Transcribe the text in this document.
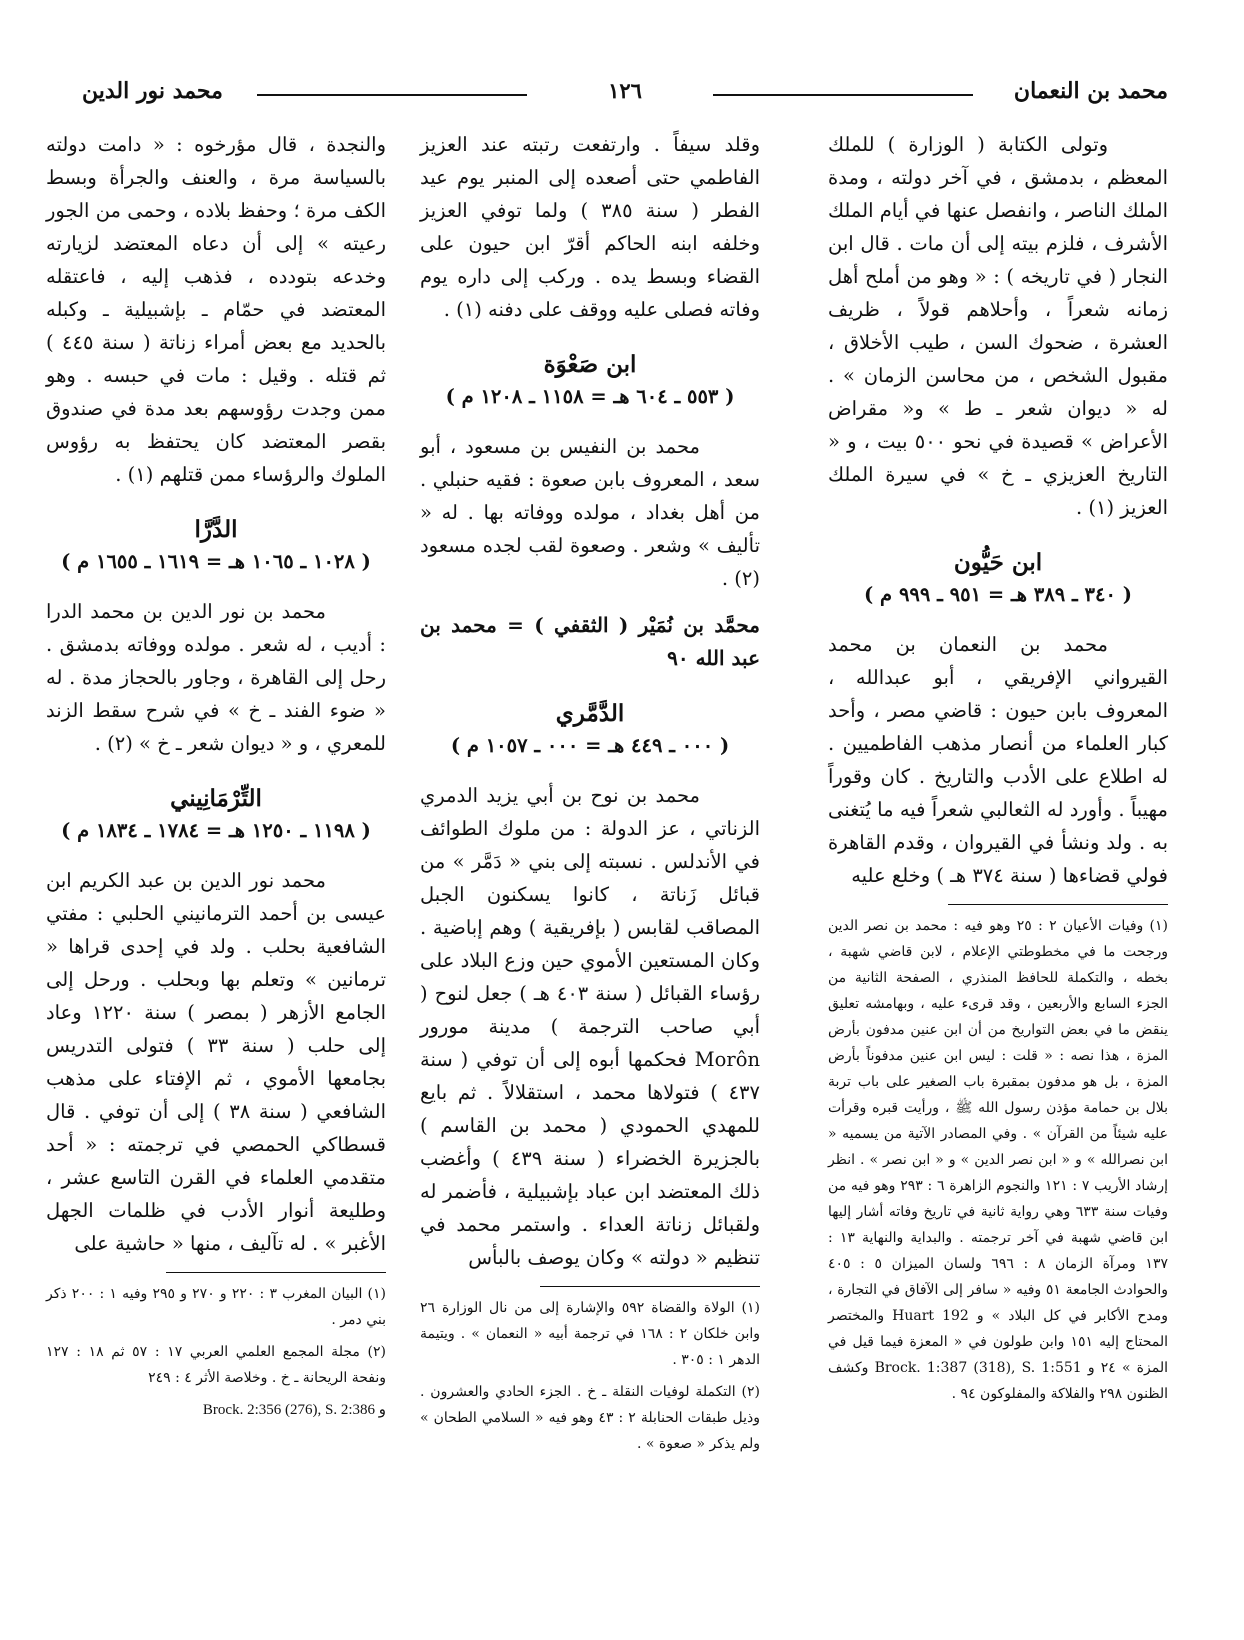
محمد بن النعمان
١٢٦
محمد نور الدين

وتولى الكتابة ( الوزارة ) للملك المعظم ، بدمشق ، في آخر دولته ، ومدة الملك الناصر ، وانفصل عنها في أيام الملك الأشرف ، فلزم بيته إلى أن مات . قال ابن النجار ( في تاريخه ) : « وهو من أملح أهل زمانه شعراً ، وأحلاهم قولاً ، ظريف العشرة ، ضحوك السن ، طيب الأخلاق ، مقبول الشخص ، من محاسن الزمان » . له « ديوان شعر ـ ط » و« مقراض الأعراض » قصيدة في نحو ٥٠٠ بيت ، و « التاريخ العزيزي ـ خ » في سيرة الملك العزيز (١) .

ابن حَيُّون
( ٣٤٠ ـ ٣٨٩ هـ = ٩٥١ ـ ٩٩٩ م )

محمد بن النعمان بن محمد القيرواني الإفريقي ، أبو عبدالله ، المعروف بابن حيون : قاضي مصر ، وأحد كبار العلماء من أنصار مذهب الفاطميين . له اطلاع على الأدب والتاريخ . كان وقوراً مهيباً . وأورد له الثعالبي شعراً فيه ما يُتغنى به . ولد ونشأ في القيروان ، وقدم القاهرة فولي قضاءها ( سنة ٣٧٤ هـ ) وخلع عليه

(١) وفيات الأعيان ٢ : ٢٥ وهو فيه : محمد بن نصر الدين ورجحت ما في مخطوطتي الإعلام ، لابن قاضي شهبة ، بخطه ، والتكملة للحافظ المنذري ، الصفحة الثانية من الجزء السابع والأربعين ، وقد قرىء عليه ، وبهامشه تعليق ينقض ما في بعض التواريخ من أن ابن عنين مدفون بأرض المزة ، هذا نصه : « قلت : ليس ابن عنين مدفوناً بأرض المزة ، بل هو مدفون بمقبرة باب الصغير على باب تربة بلال بن حمامة مؤذن رسول الله ﷺ ، ورأيت قبره وقرأت عليه شيئاً من القرآن » . وفي المصادر الآتية من يسميه « ابن نصرالله » و « ابن نصر الدين » و « ابن نصر » . انظر إرشاد الأريب ٧ : ١٢١ والنجوم الزاهرة ٦ : ٢٩٣ وهو فيه من وفيات سنة ٦٣٣ وهي رواية ثانية في تاريخ وفاته أشار إليها ابن قاضي شهبة في آخر ترجمته . والبداية والنهاية ١٣ : ١٣٧ ومرآة الزمان ٨ : ٦٩٦ ولسان الميزان ٥ : ٤٠٥ والحوادث الجامعة ٥١ وفيه « سافر إلى الآفاق في التجارة ، ومدح الأكابر في كل البلاد » و Huart 192 والمختصر المحتاج إليه ١٥١ وابن طولون في « المعزة فيما قيل في المزة » ٢٤ و Brock. 1:387 (318), S. 1:551 وكشف الظنون ٢٩٨ والفلاكة والمفلوكون ٩٤ .

وقلد سيفاً . وارتفعت رتبته عند العزيز الفاطمي حتى أصعده إلى المنبر يوم عيد الفطر ( سنة ٣٨٥ ) ولما توفي العزيز وخلفه ابنه الحاكم أقرّ ابن حيون على القضاء وبسط يده . وركب إلى داره يوم وفاته فصلى عليه ووقف على دفنه (١) .

ابن صَعْوَة
( ٥٥٣ ـ ٦٠٤ هـ = ١١٥٨ ـ ١٢٠٨ م )

محمد بن النفيس بن مسعود ، أبو سعد ، المعروف بابن صعوة : فقيه حنبلي . من أهل بغداد ، مولده ووفاته بها . له « تأليف » وشعر . وصعوة لقب لجده مسعود (٢) .

محمَّد بن نُمَيْر ( الثقفي ) = محمد بن عبد الله ٩٠
الدَّمَّري
( ٠٠٠ ـ ٤٤٩ هـ = ٠٠٠ ـ ١٠٥٧ م )

محمد بن نوح بن أبي يزيد الدمري الزناتي ، عز الدولة : من ملوك الطوائف في الأندلس . نسبته إلى بني « دَمَّر » من قبائل زَناتة ، كانوا يسكنون الجبل المصاقب لقابس ( بإفريقية ) وهم إباضية . وكان المستعين الأموي حين وزع البلاد على رؤساء القبائل ( سنة ٤٠٣ هـ ) جعل لنوح ( أبي صاحب الترجمة ) مدينة مورور Morôn فحكمها أبوه إلى أن توفي ( سنة ٤٣٧ ) فتولاها محمد ، استقلالاً . ثم بايع للمهدي الحمودي ( محمد بن القاسم ) بالجزيرة الخضراء ( سنة ٤٣٩ ) وأغضب ذلك المعتضد ابن عباد بإشبيلية ، فأضمر له ولقبائل زناتة العداء . واستمر محمد في تنظيم « دولته » وكان يوصف بالبأس

(١) الولاة والقضاة ٥٩٢ والإشارة إلى من نال الوزارة ٢٦ وابن خلكان ٢ : ١٦٨ في ترجمة أبيه « النعمان » . ويتيمة الدهر ١ : ٣٠٥ .

(٢) التكملة لوفيات النقلة ـ خ . الجزء الحادي والعشرون . وذيل طبقات الحنابلة ٢ : ٤٣ وهو فيه « السلامي الطحان » ولم يذكر « صعوة » .

والنجدة ، قال مؤرخوه : « دامت دولته بالسياسة مرة ، والعنف والجرأة وبسط الكف مرة ؛ وحفظ بلاده ، وحمى من الجور رعيته » إلى أن دعاه المعتضد لزيارته وخدعه بتودده ، فذهب إليه ، فاعتقله المعتضد في حمّام ـ بإشبيلية ـ وكبله بالحديد مع بعض أمراء زناتة ( سنة ٤٤٥ ) ثم قتله . وقيل : مات في حبسه . وهو ممن وجدت رؤوسهم بعد مدة في صندوق بقصر المعتضد كان يحتفظ به رؤوس الملوك والرؤساء ممن قتلهم (١) .

الدَّرَّا
( ١٠٢٨ ـ ١٠٦٥ هـ = ١٦١٩ ـ ١٦٥٥ م )

محمد بن نور الدين بن محمد الدرا : أديب ، له شعر . مولده ووفاته بدمشق . رحل إلى القاهرة ، وجاور بالحجاز مدة . له « ضوء الفند ـ خ » في شرح سقط الزند للمعري ، و « ديوان شعر ـ خ » (٢) .

التِّرْمَانِيني
( ١١٩٨ ـ ١٢٥٠ هـ = ١٧٨٤ ـ ١٨٣٤ م )

محمد نور الدين بن عبد الكريم ابن عيسى بن أحمد الترمانيني الحلبي : مفتي الشافعية بحلب . ولد في إحدى قراها « ترمانين » وتعلم بها وبحلب . ورحل إلى الجامع الأزهر ( بمصر ) سنة ١٢٢٠ وعاد إلى حلب ( سنة ٣٣ ) فتولى التدريس بجامعها الأموي ، ثم الإفتاء على مذهب الشافعي ( سنة ٣٨ ) إلى أن توفي . قال قسطاكي الحمصي في ترجمته : « أحد متقدمي العلماء في القرن التاسع عشر ، وطليعة أنوار الأدب في ظلمات الجهل الأغبر » . له تآليف ، منها « حاشية على

(١) البيان المغرب ٣ : ٢٢٠ و ٢٧٠ و ٢٩٥ وفيه ١ : ٢٠٠ ذكر بني دمر .

(٢) مجلة المجمع العلمي العربي ١٧ : ٥٧ ثم ١٨ : ١٢٧ ونفحة الريحانة ـ خ . وخلاصة الأثر ٤ : ٢٤٩

Brock. 2:356 (276), S. 2:386 و
